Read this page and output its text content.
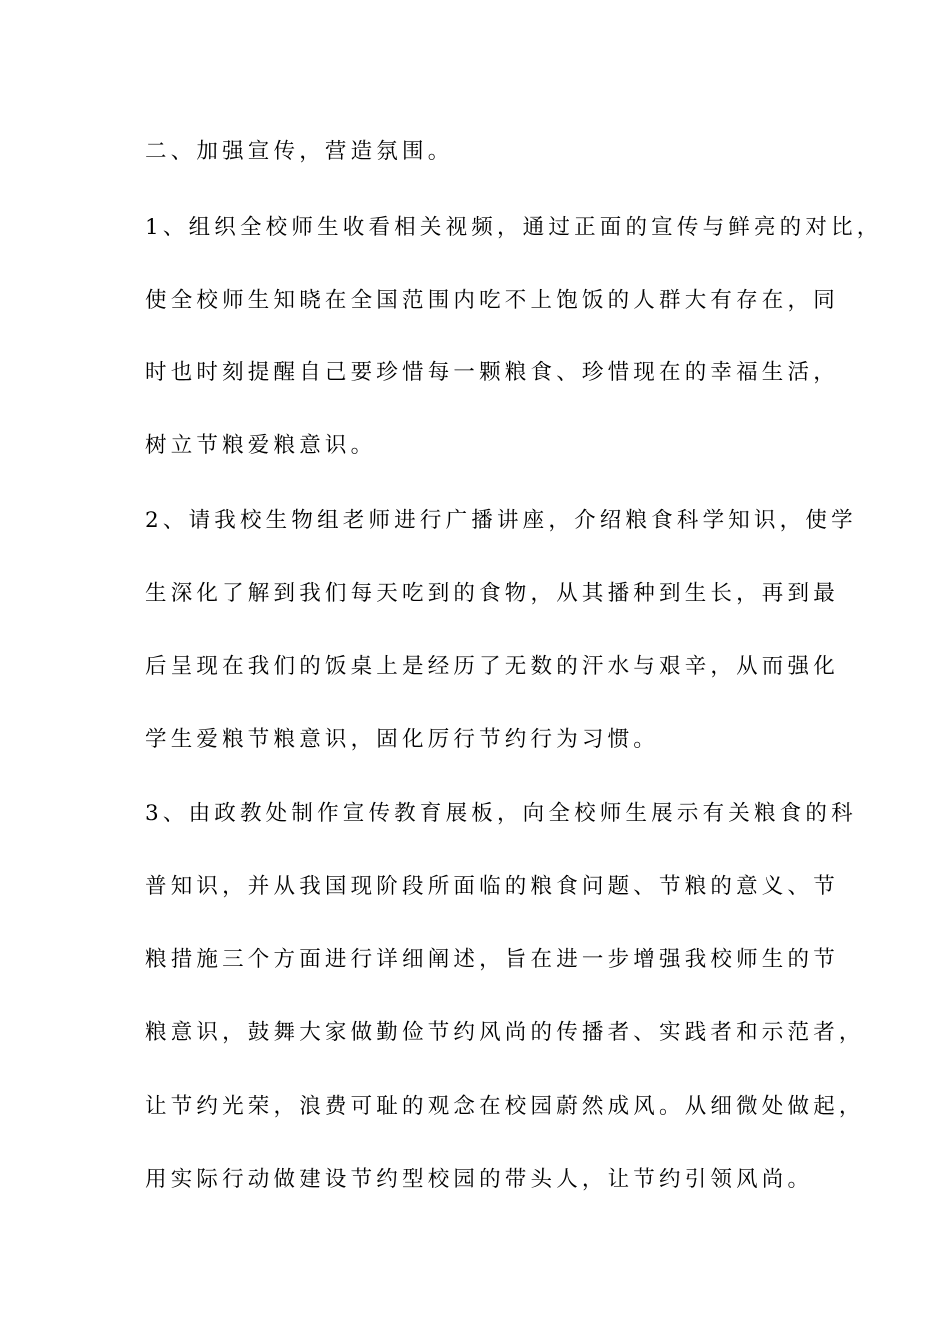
二、加强宣传，营造氛围。
1、组织全校师生收看相关视频，通过正面的宣传与鲜亮的对比，
使全校师生知晓在全国范围内吃不上饱饭的人群大有存在，同
时也时刻提醒自己要珍惜每一颗粮食、珍惜现在的幸福生活，
树立节粮爱粮意识。
2、请我校生物组老师进行广播讲座，介绍粮食科学知识，使学
生深化了解到我们每天吃到的食物，从其播种到生长，再到最
后呈现在我们的饭桌上是经历了无数的汗水与艰辛，从而强化
学生爱粮节粮意识，固化厉行节约行为习惯。
3、由政教处制作宣传教育展板，向全校师生展示有关粮食的科
普知识，并从我国现阶段所面临的粮食问题、节粮的意义、节
粮措施三个方面进行详细阐述，旨在进一步增强我校师生的节
粮意识，鼓舞大家做勤俭节约风尚的传播者、实践者和示范者，
让节约光荣，浪费可耻的观念在校园蔚然成风。从细微处做起，
用实际行动做建设节约型校园的带头人，让节约引领风尚。
